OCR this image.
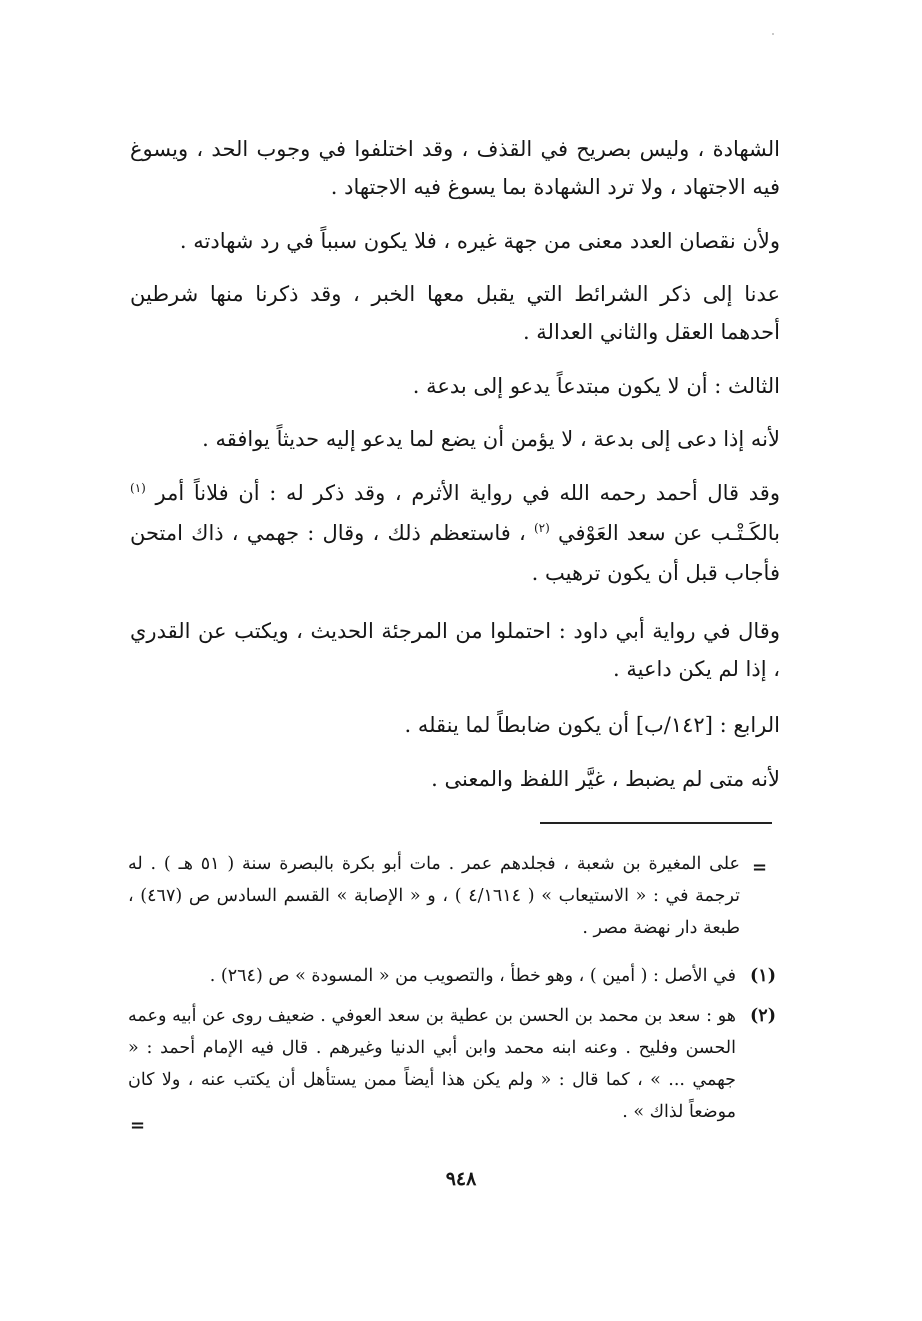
الشهادة ، وليس بصريح في القذف ، وقد اختلفوا في وجوب الحد ، ويسوغ فيه الاجتهاد ، ولا ترد الشهادة بما يسوغ فيه الاجتهاد .

ولأن نقصان العدد معنى من جهة غيره ، فلا يكون سبباً في رد شهادته .

عدنا إلى ذكر الشرائط التي يقبل معها الخبر ، وقد ذكرنا منها شرطين أحدهما العقل والثاني العدالة .

الثالث : أن لا يكون مبتدعاً يدعو إلى بدعة .

لأنه إذا دعى إلى بدعة ، لا يؤمن أن يضع لما يدعو إليه حديثاً يوافقه .

وقد قال أحمد رحمه الله في رواية الأثرم ، وقد ذكر له : أن فلاناً أمر $^{(١)}$ بالكَـتْـب عن سعد العَوْفي $^{(٢)}$ ، فاستعظم ذلك ، وقال : جهمي ، ذاك امتحن فأجاب قبل أن يكون ترهيب .

وقال في رواية أبي داود : احتملوا من المرجئة الحديث ، ويكتب عن القدري ، إذا لم يكن داعية .

الرابع : [١٤٢/ب] أن يكون ضابطاً لما ينقله .

لأنه متى لم يضبط ، غيَّر اللفظ والمعنى .

=

على المغيرة بن شعبة ، فجلدهم عمر . مات أبو بكرة بالبصرة سنة ( ٥١ هـ ) . له ترجمة في : « الاستيعاب » ( ٤/١٦١٤ ) ، و « الإصابة » القسم السادس ص (٤٦٧) ، طبعة دار نهضة مصر .

(١)

في الأصل : ( أمين ) ، وهو خطأ ، والتصويب من « المسودة » ص (٢٦٤) .

(٢)

هو : سعد بن محمد بن الحسن بن عطية بن سعد العوفي . ضعيف روى عن أبيه وعمه الحسن وفليح . وعنه ابنه محمد وابن أبي الدنيا وغيرهم . قال فيه الإمام أحمد : « جهمي ... » ، كما قال : « ولم يكن هذا أيضاً ممن يستأهل أن يكتب عنه ، ولا كان موضعاً لذاك » .

=
٩٤٨
